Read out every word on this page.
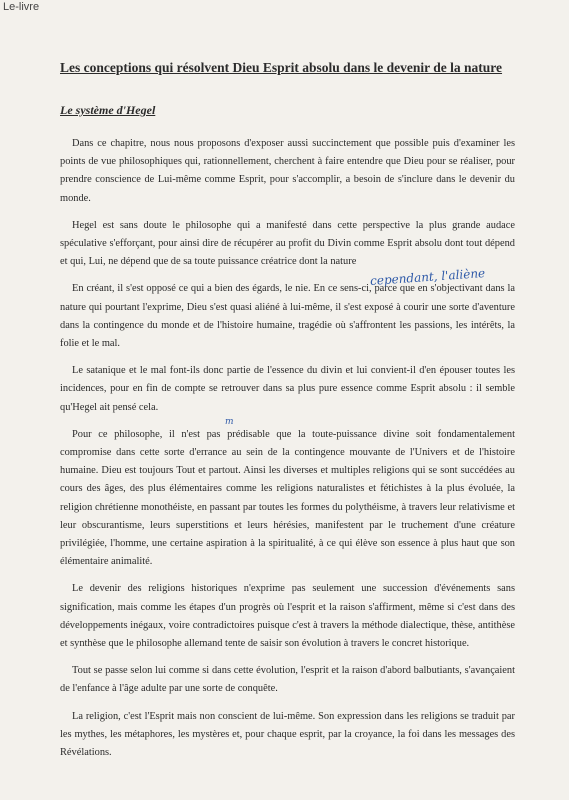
Le-livre
Les conceptions qui résolvent Dieu Esprit absolu dans le devenir de la nature
Le système d'Hegel

Dans ce chapitre, nous nous proposons d'exposer aussi succinctement que possible puis d'examiner les points de vue philosophiques qui, rationnellement, cherchent à faire entendre que Dieu pour se réaliser, pour prendre conscience de Lui-même comme Esprit, pour s'accomplir, a besoin de s'inclure dans le devenir du monde.

Hegel est sans doute le philosophe qui a manifesté dans cette perspective la plus grande audace spéculative s'efforçant, pour ainsi dire de récupérer au profit du Divin comme Esprit absolu dont tout dépend et qui, Lui, ne dépend que de sa toute puissance créatrice dont la nature

En créant, il s'est opposé ce qui a bien des égards, le nie. En ce sens-ci, parce que en s'objectivant dans la nature qui pourtant l'exprime, Dieu s'est quasi aliéné à lui-même, il s'est exposé à courir une sorte d'aventure dans la contingence du monde et de l'histoire humaine, tragédie où s'affrontent les passions, les intérêts, la folie et le mal.

Le satanique et le mal font-ils donc partie de l'essence du divin et lui convient-il d'en épouser toutes les incidences, pour en fin de compte se retrouver dans sa plus pure essence comme Esprit absolu : il semble qu'Hegel ait pensé cela.

Pour ce philosophe, il n'est pas prédisable que la toute-puissance divine soit fondamentalement compromise dans cette sorte d'errance au sein de la contingence mouvante de l'Univers et de l'histoire humaine. Dieu est toujours Tout et partout. Ainsi les diverses et multiples religions qui se sont succédées au cours des âges, des plus élémentaires comme les religions naturalistes et fétichistes à la plus évoluée, la religion chrétienne monothéiste, en passant par toutes les formes du polythéisme, à travers leur relativisme et leur obscurantisme, leurs superstitions et leurs hérésies, manifestent par le truchement d'une créature privilégiée, l'homme, une certaine aspiration à la spiritualité, à ce qui élève son essence à plus haut que son élémentaire animalité.

Le devenir des religions historiques n'exprime pas seulement une succession d'événements sans signification, mais comme les étapes d'un progrès où l'esprit et la raison s'affirment, même si c'est dans des développements inégaux, voire contradictoires puisque c'est à travers la méthode dialectique, thèse, antithèse et synthèse que le philosophe allemand tente de saisir son évolution à travers le concret historique.

Tout se passe selon lui comme si dans cette évolution, l'esprit et la raison d'abord balbutiants, s'avançaient de l'enfance à l'âge adulte par une sorte de conquête.

La religion, c'est l'Esprit mais non conscient de lui-même. Son expression dans les religions se traduit par les mythes, les métaphores, les mystères et, pour chaque esprit, par la croyance, la foi dans les messages des Révélations.

cependant, l'aliène
m
